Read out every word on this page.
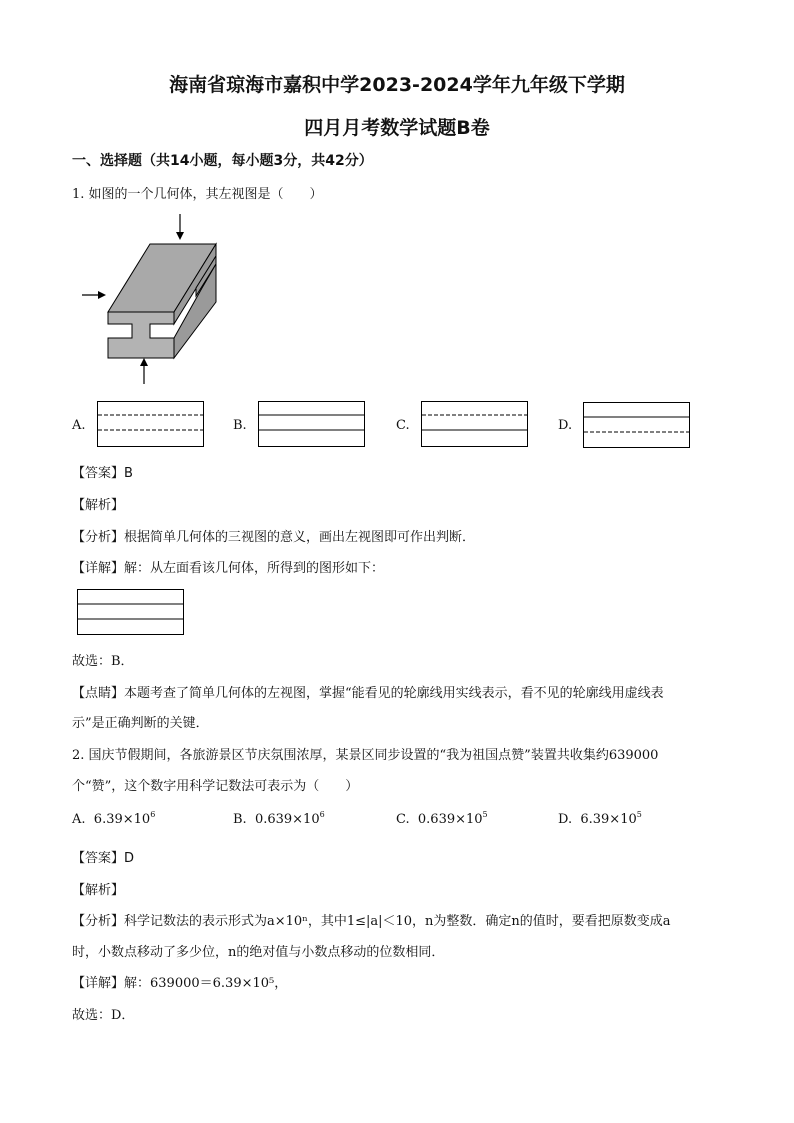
海南省琼海市嘉积中学2023-2024学年九年级下学期
四月月考数学试题B卷
一、选择题（共14小题，每小题3分，共42分）
1. 如图的一个几何体，其左视图是（　　）
A.	B.	C.	D.
【答案】B
【解析】
【分析】根据简单几何体的三视图的意义，画出左视图即可作出判断．
【详解】解：从左面看该几何体，所得到的图形如下：
故选：B．
【点睛】本题考查了简单几何体的左视图，掌握“能看见的轮廓线用实线表示，看不见的轮廓线用虚线表
示”是正确判断的关键．
2. 国庆节假期间，各旅游景区节庆氛围浓厚，某景区同步设置的“我为祖国点赞”装置共收集约639000
个“赞”，这个数字用科学记数法可表示为（　　）
A. $6.39\times 10^6$	B. $0.639\times 10^6$	C. $0.639\times 10^5$	D. $6.39\times 10^5$
【答案】D
【解析】
【分析】科学记数法的表示形式为a×10ⁿ，其中1≤|a|＜10，n为整数．确定n的值时，要看把原数变成a
时，小数点移动了多少位，n的绝对值与小数点移动的位数相同．
【详解】解：639000＝6.39×10⁵，
故选：D．
